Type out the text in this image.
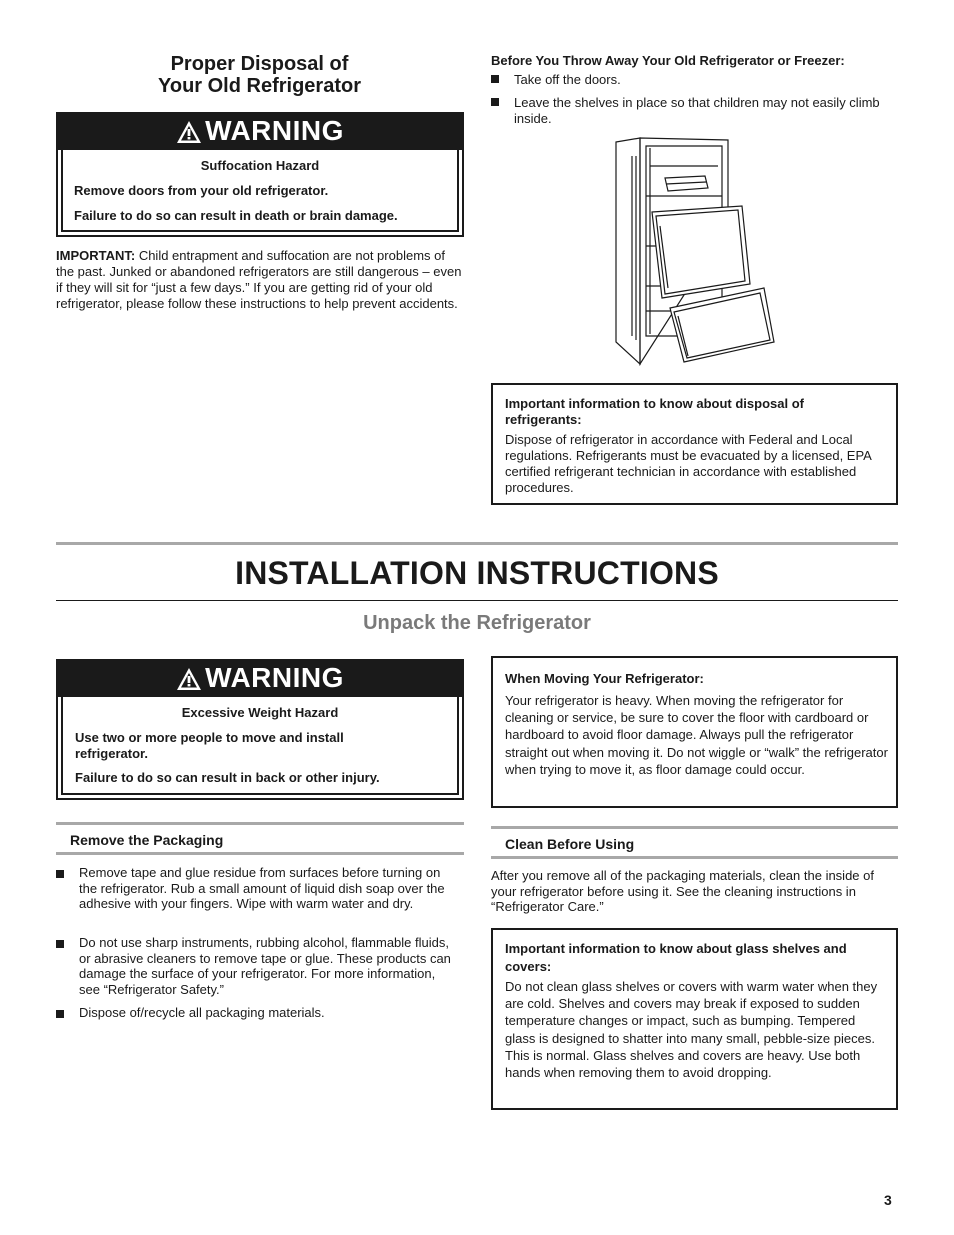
Proper Disposal of
Your Old Refrigerator
WARNING
Suffocation Hazard
Remove doors from your old refrigerator.
Failure to do so can result in death or brain damage.
IMPORTANT: Child entrapment and suffocation are not problems of the past. Junked or abandoned refrigerators are still dangerous – even if they will sit for “just a few days.” If you are getting rid of your old refrigerator, please follow these instructions to help prevent accidents.
Before You Throw Away Your Old Refrigerator or Freezer:
Take off the doors.
Leave the shelves in place so that children may not easily climb inside.
Important information to know about disposal of refrigerants:
Dispose of refrigerator in accordance with Federal and Local regulations. Refrigerants must be evacuated by a licensed, EPA certified refrigerant technician in accordance with established procedures.
INSTALLATION INSTRUCTIONS
Unpack the Refrigerator
WARNING
Excessive Weight Hazard
Use two or more people to move and install refrigerator.
Failure to do so can result in back or other injury.
When Moving Your Refrigerator:
Your refrigerator is heavy. When moving the refrigerator for cleaning or service, be sure to cover the floor with cardboard or hardboard to avoid floor damage. Always pull the refrigerator straight out when moving it. Do not wiggle or “walk” the refrigerator when trying to move it, as floor damage could occur.
Remove the Packaging
Remove tape and glue residue from surfaces before turning on the refrigerator. Rub a small amount of liquid dish soap over the adhesive with your fingers. Wipe with warm water and dry.
Do not use sharp instruments, rubbing alcohol, flammable fluids, or abrasive cleaners to remove tape or glue. These products can damage the surface of your refrigerator. For more information, see “Refrigerator Safety.”
Dispose of/recycle all packaging materials.
Clean Before Using
After you remove all of the packaging materials, clean the inside of your refrigerator before using it. See the cleaning instructions in “Refrigerator Care.”
Important information to know about glass shelves and covers:
Do not clean glass shelves or covers with warm water when they are cold. Shelves and covers may break if exposed to sudden temperature changes or impact, such as bumping. Tempered glass is designed to shatter into many small, pebble-size pieces. This is normal. Glass shelves and covers are heavy. Use both hands when removing them to avoid dropping.
3
